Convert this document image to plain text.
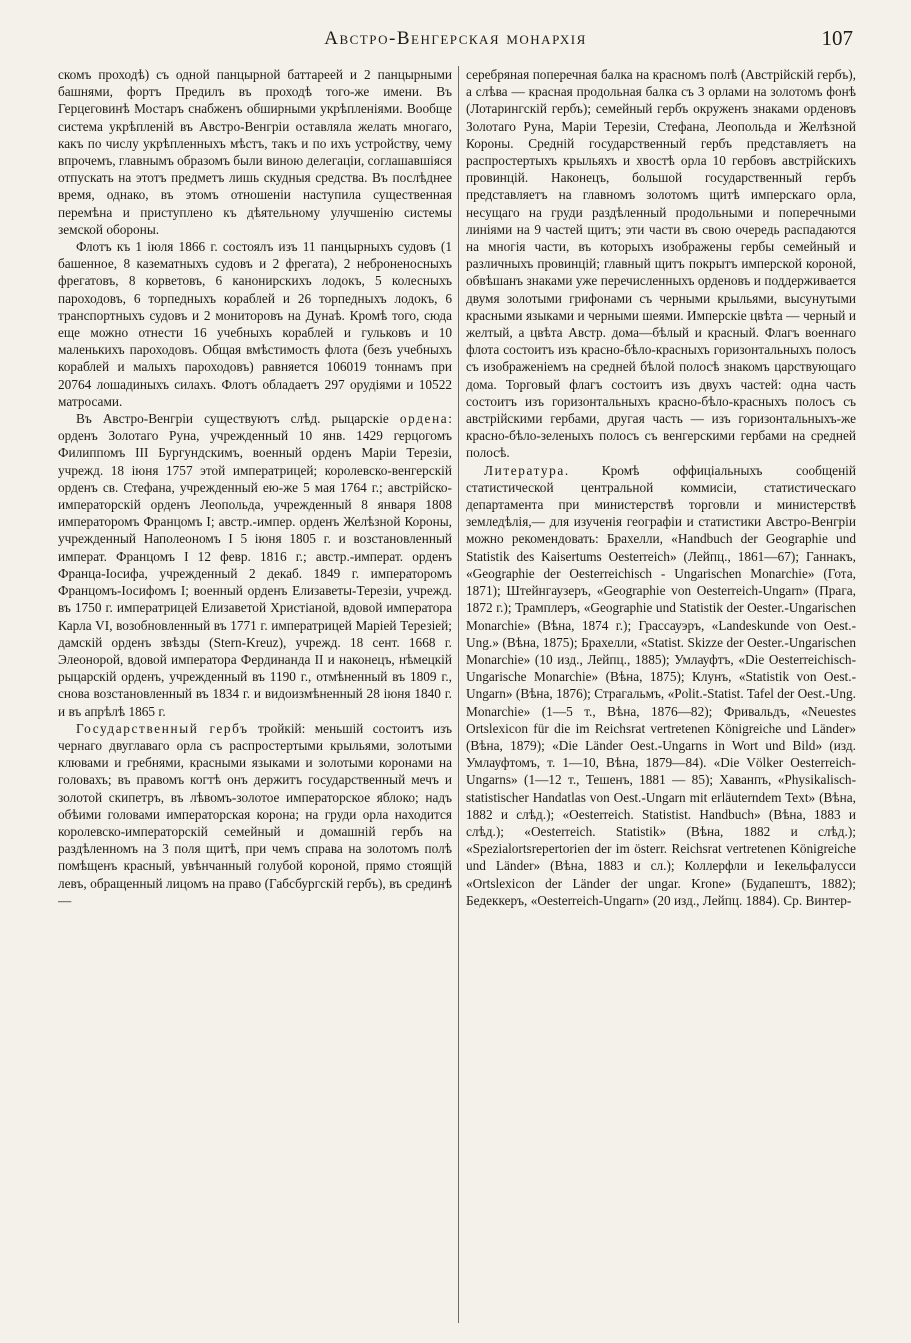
Австро-Венгерская монархія	107

скомъ проходѣ) съ одной панцырной баттареей и 2 панцырными башнями, фортъ Предилъ въ проходѣ того-же имени. Въ Герцеговинѣ Мостаръ снабженъ обширными укрѣпленіями. Вообще система укрѣпленій въ Австро-Венгріи оставляла желать многаго, какъ по числу укрѣпленныхъ мѣстъ, такъ и по ихъ устройству, чему впрочемъ, главнымъ образомъ были виною делегаціи, соглашавшіяся отпускать на этотъ предметъ лишь скудныя средства. Въ послѣднее время, однако, въ этомъ отношеніи наступила существенная перемѣна и приступлено къ дѣятельному улучшенію системы земской обороны.

Флотъ къ 1 іюля 1866 г. состоялъ изъ 11 панцырныхъ судовъ (1 башенное, 8 казематныхъ судовъ и 2 фрегата), 2 неброненосныхъ фрегатовъ, 8 корветовъ, 6 канонирскихъ лодокъ, 5 колесныхъ пароходовъ, 6 торпедныхъ кораблей и 26 торпедныхъ лодокъ, 6 транспортныхъ судовъ и 2 мониторовъ на Дунаѣ. Кромѣ того, сюда еще можно отнести 16 учебныхъ кораблей и гульковъ и 10 маленькихъ пароходовъ. Общая вмѣстимость флота (безъ учебныхъ кораблей и малыхъ пароходовъ) равняется 106019 тоннамъ при 20764 лошадиныхъ силахъ. Флотъ обладаетъ 297 орудіями и 10522 матросами.

Въ Австро-Венгріи существуютъ слѣд. рыцарскіе ордена: орденъ Золотаго Руна, учрежденный 10 янв. 1429 герцогомъ Филиппомъ III Бургундскимъ, военный орденъ Маріи Терезіи, учрежд. 18 іюня 1757 этой императрицей; королевско-венгерскій орденъ св. Стефана, учрежденный ею-же 5 мая 1764 г.; австрійско-императорскій орденъ Леопольда, учрежденный 8 января 1808 императоромъ Францомъ I; австр.-импер. орденъ Желѣзной Короны, учрежденный Наполеономъ I 5 іюня 1805 г. и возстановленный императ. Францомъ I 12 февр. 1816 г.; австр.-императ. орденъ Франца-Іосифа, учрежденный 2 декаб. 1849 г. императоромъ Францомъ-Іосифомъ I; военный орденъ Елизаветы-Терезіи, учрежд. въ 1750 г. императрицей Елизаветой Христіаной, вдовой императора Карла VI, возобновленный въ 1771 г. императрицей Маріей Терезіей; дамскій орденъ звѣзды (Stern-Kreuz), учрежд. 18 сент. 1668 г. Элеонорой, вдовой императора Фердинанда II и наконецъ, нѣмецкій рыцарскій орденъ, учрежденный въ 1190 г., отмѣненный въ 1809 г., снова возстановленный въ 1834 г. и видоизмѣненный 28 іюня 1840 г. и въ апрѣлѣ 1865 г.

Государственный гербъ тройкій: меньшій состоитъ изъ чернаго двуглаваго орла съ распростертыми крыльями, золотыми клювами и гребнями, красными языками и золотыми коронами на головахъ; въ правомъ когтѣ онъ держитъ государственный мечъ и золотой скипетръ, въ лѣвомъ-золотое императорское яблоко; надъ обѣими головами императорская корона; на груди орла находится королевско-императорскій семейный и домашній гербъ на раздѣленномъ на 3 поля щитѣ, при чемъ справа на золотомъ полѣ помѣщенъ красный, увѣнчанный голубой короной, прямо стоящій левъ, обращенный лицомъ на право (Габсбургскій гербъ), въ срединѣ —

серебряная поперечная балка на красномъ полѣ (Австрійскій гербъ), а слѣва — красная продольная балка съ 3 орлами на золотомъ фонѣ (Лотарингскій гербъ); семейный гербъ окруженъ знаками орденовъ Золотаго Руна, Маріи Терезіи, Стефана, Леопольда и Желѣзной Короны. Средній государственный гербъ представляетъ на распростертыхъ крыльяхъ и хвостѣ орла 10 гербовъ австрійскихъ провинцій. Наконецъ, большой государственный гербъ представляетъ на главномъ золотомъ щитѣ имперскаго орла, несущаго на груди раздѣленный продольными и поперечными линіями на 9 частей щитъ; эти части въ свою очередь распадаются на многія части, въ которыхъ изображены гербы семейный и различныхъ провинцій; главный щитъ покрытъ имперской короной, обвѣшанъ знаками уже перечисленныхъ орденовъ и поддерживается двумя золотыми грифонами съ черными крыльями, высунутыми красными языками и черными шеями. Имперскіе цвѣта — черный и желтый, а цвѣта Австр. дома—бѣлый и красный. Флагъ военнаго флота состоитъ изъ красно-бѣло-красныхъ горизонтальныхъ полосъ съ изображеніемъ на средней бѣлой полосѣ знакомъ царствующаго дома. Торговый флагъ состоитъ изъ двухъ частей: одна часть состоитъ изъ горизонтальныхъ красно-бѣло-красныхъ полосъ съ австрійскими гербами, другая часть — изъ горизонтальныхъ-же красно-бѣло-зеленыхъ полосъ съ венгерскими гербами на средней полосѣ.

Литература. Кромѣ оффиціальныхъ сообщеній статистической центральной коммисіи, статистическаго департамента при министерствѣ торговли и министерствѣ земледѣлія,— для изученія географіи и статистики Австро-Венгріи можно рекомендовать: Брахелли, «Handbuch der Geographie und Statistik des Kaisertums Oesterreich» (Лейпц., 1861—67); Ганнакъ, «Geographie der Oesterreichisch - Ungarischen Monarchie» (Гота, 1871); Штейнгаузеръ, «Geographie von Oesterreich-Ungarn» (Прага, 1872 г.); Трамплеръ, «Geographie und Statistik der Oester.-Ungarischen Monarchie» (Вѣна, 1874 г.); Грассауэръ, «Landeskunde von Oest.-Ung.» (Вѣна, 1875); Брахелли, «Statist. Skizze der Oester.-Ungarischen Monarchie» (10 изд., Лейпц., 1885); Умлауфтъ, «Die Oesterreichisch-Ungarische Monarchie» (Вѣна, 1875); Клунъ, «Statistik von Oest.-Ungarn» (Вѣна, 1876); Страгальмъ, «Polit.-Statist. Tafel der Oest.-Ung. Monarchie» (1—5 т., Вѣна, 1876—82); Фривальдъ, «Neuestes Ortslexicon für die im Reichsrat vertretenen Königreiche und Länder» (Вѣна, 1879); «Die Länder Oest.-Ungarns in Wort und Bild» (изд. Умлауфтомъ, т. 1—10, Вѣна, 1879—84). «Die Völker Oesterreich-Ungarns» (1—12 т., Тешенъ, 1881 — 85); Хаванпъ, «Physikalisch-statistischer Handatlas von Oest.-Ungarn mit erläuterndem Text» (Вѣна, 1882 и слѣд.); «Oesterreich. Statistist. Handbuch» (Вѣна, 1883 и слѣд.); «Oesterreich. Statistik» (Вѣна, 1882 и слѣд.); «Spezialortsrepertorien der im österr. Reichsrat vertretenen Königreiche und Länder» (Вѣна, 1883 и сл.); Коллерфли и Іекельфалусси «Ortslexicon der Länder der ungar. Krone» (Будапештъ, 1882); Бедеккеръ, «Oesterreich-Ungarn» (20 изд., Лейпц. 1884). Ср. Винтер-
